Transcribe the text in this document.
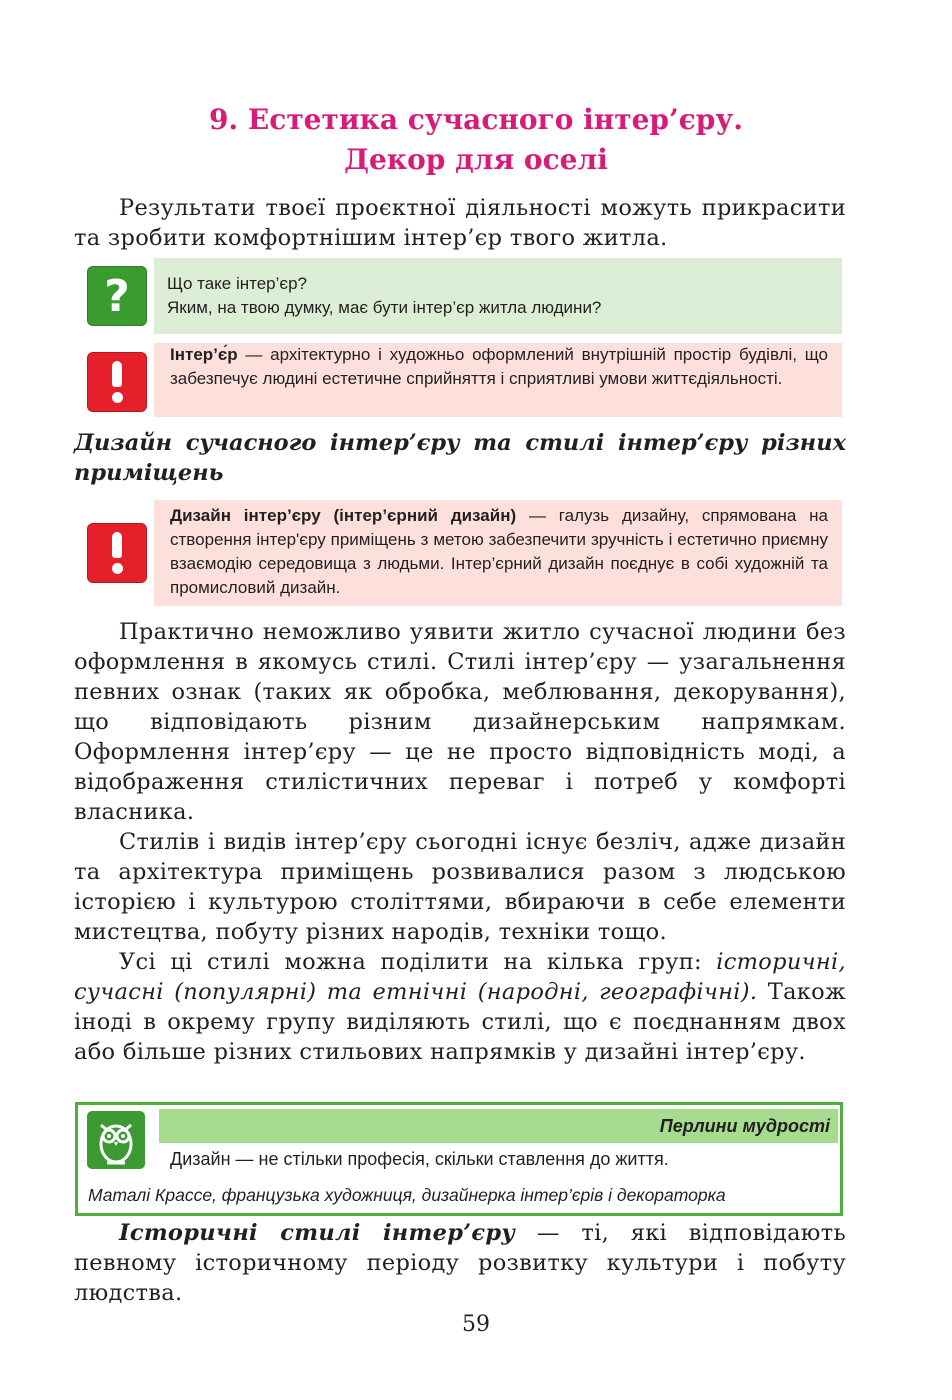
9. Естетика сучасного інтер’єру.
Декор для оселі
Результати твоєї проєктної діяльності можуть прикрасити та зробити комфортнішим інтер’єр твого житла.
?	Що таке інтер’єр?
Яким, на твою думку, має бути інтер’єр житла людини?
Інтер’є́р — архітектурно і художньо оформлений внутрішній простір будівлі, що забезпечує людині естетичне сприйняття і сприятливі умови життєдіяльності.
Дизайн сучасного інтер’єру та стилі інтер’єру різних приміщень
Дизайн інтер’єру (інтер’єрний дизайн) — галузь дизайну, спрямована на створення інтер'єру приміщень з метою забезпечити зручність і естетично приємну взаємодію середовища з людьми. Інтер’єрний дизайн поєднує в собі художній та промисловий дизайн.
Практично неможливо уявити житло сучасної людини без оформлення в якомусь стилі. Стилі інтер’єру — узагальнення певних ознак (таких як обробка, меблювання, декорування), що відповідають різним дизайнерським напрямкам. Оформлення інтер’єру — це не просто відповідність моді, а відображення стилістичних переваг і потреб у комфорті власника.
Стилів і видів інтер’єру сьогодні існує безліч, адже дизайн та архітектура приміщень розвивалися разом з людською історією і культурою століттями, вбираючи в себе елементи мистецтва, побуту різних народів, техніки тощо.
Усі ці стилі можна поділити на кілька груп: історичні, сучасні (популярні) та етнічні (народні, географічні). Також іноді в окрему групу виділяють стилі, що є поєднанням двох або більше різних стильових напрямків у дизайні інтер’єру.
Перлини мудрості
Дизайн — не стільки професія, скільки ставлення до життя.
Маталі Крассе, французька художниця, дизайнерка інтер’єрів і декораторка
Історичні стилі інтер’єру — ті, які відповідають певному історичному періоду розвитку культури і побуту людства.
59
